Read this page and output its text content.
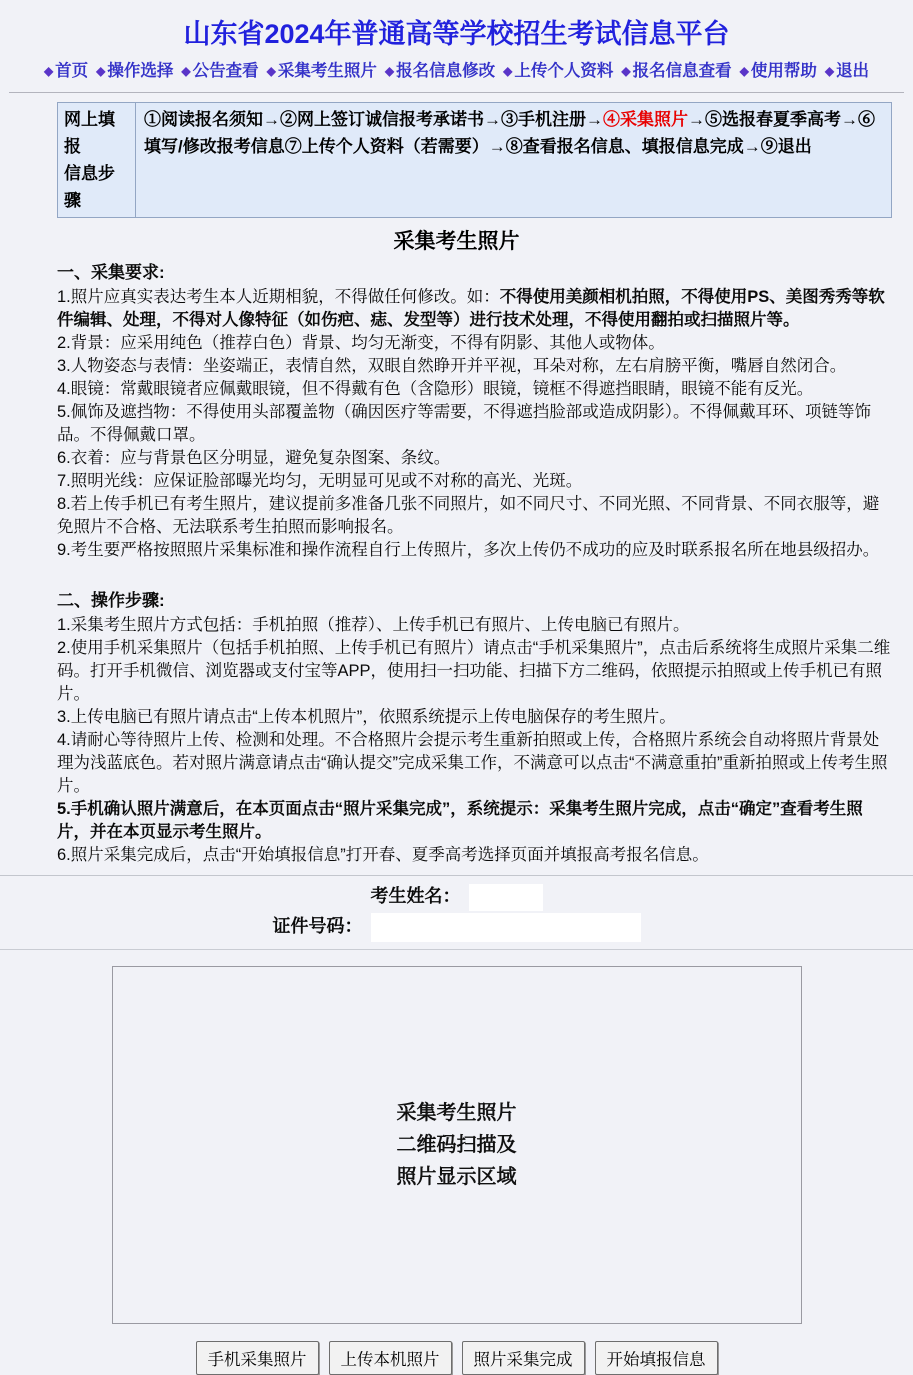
山东省2024年普通高等学校招生考试信息平台
◆ 首页 ◆ 操作选择 ◆ 公告查看 ◆ 采集考生照片 ◆ 报名信息修改 ◆ 上传个人资料 ◆ 报名信息查看 ◆ 使用帮助 ◆ 退出
网上填报
信息步骤
①阅读报名须知→②网上签订诚信报考承诺书→③手机注册→④采集照片→⑤选报春夏季高考→⑥填写/修改报考信息⑦上传个人资料（若需要）→⑧查看报名信息、填报信息完成→⑨退出
采集考生照片

一、采集要求:

1.照片应真实表达考生本人近期相貌，不得做任何修改。如：不得使用美颜相机拍照，不得使用PS、美图秀秀等软件编辑、处理，不得对人像特征（如伤疤、痣、发型等）进行技术处理，不得使用翻拍或扫描照片等。

2.背景：应采用纯色（推荐白色）背景、均匀无渐变，不得有阴影、其他人或物体。

3.人物姿态与表情：坐姿端正，表情自然，双眼自然睁开并平视，耳朵对称，左右肩膀平衡，嘴唇自然闭合。

4.眼镜：常戴眼镜者应佩戴眼镜，但不得戴有色（含隐形）眼镜，镜框不得遮挡眼睛，眼镜不能有反光。

5.佩饰及遮挡物：不得使用头部覆盖物（确因医疗等需要，不得遮挡脸部或造成阴影）。不得佩戴耳环、项链等饰品。不得佩戴口罩。

6.衣着：应与背景色区分明显，避免复杂图案、条纹。

7.照明光线：应保证脸部曝光均匀，无明显可见或不对称的高光、光斑。

8.若上传手机已有考生照片，建议提前多准备几张不同照片，如不同尺寸、不同光照、不同背景、不同衣服等，避免照片不合格、无法联系考生拍照而影响报名。

9.考生要严格按照照片采集标准和操作流程自行上传照片，多次上传仍不成功的应及时联系报名所在地县级招办。

二、操作步骤:

1.采集考生照片方式包括：手机拍照（推荐）、上传手机已有照片、上传电脑已有照片。

2.使用手机采集照片（包括手机拍照、上传手机已有照片）请点击“手机采集照片”，点击后系统将生成照片采集二维码。打开手机微信、浏览器或支付宝等APP，使用扫一扫功能、扫描下方二维码，依照提示拍照或上传手机已有照片。

3.上传电脑已有照片请点击“上传本机照片”，依照系统提示上传电脑保存的考生照片。

4.请耐心等待照片上传、检测和处理。不合格照片会提示考生重新拍照或上传，合格照片系统会自动将照片背景处理为浅蓝底色。若对照片满意请点击“确认提交”完成采集工作，不满意可以点击“不满意重拍”重新拍照或上传考生照片。

5.手机确认照片满意后，在本页面点击“照片采集完成”，系统提示：采集考生照片完成，点击“确定”查看考生照片，并在本页显示考生照片。

6.照片采集完成后，点击“开始填报信息”打开春、夏季高考选择页面并填报高考报名信息。

考生姓名：
证件号码：
采集考生照片
二维码扫描及
照片显示区域
手机采集照片	上传本机照片	照片采集完成	开始填报信息
